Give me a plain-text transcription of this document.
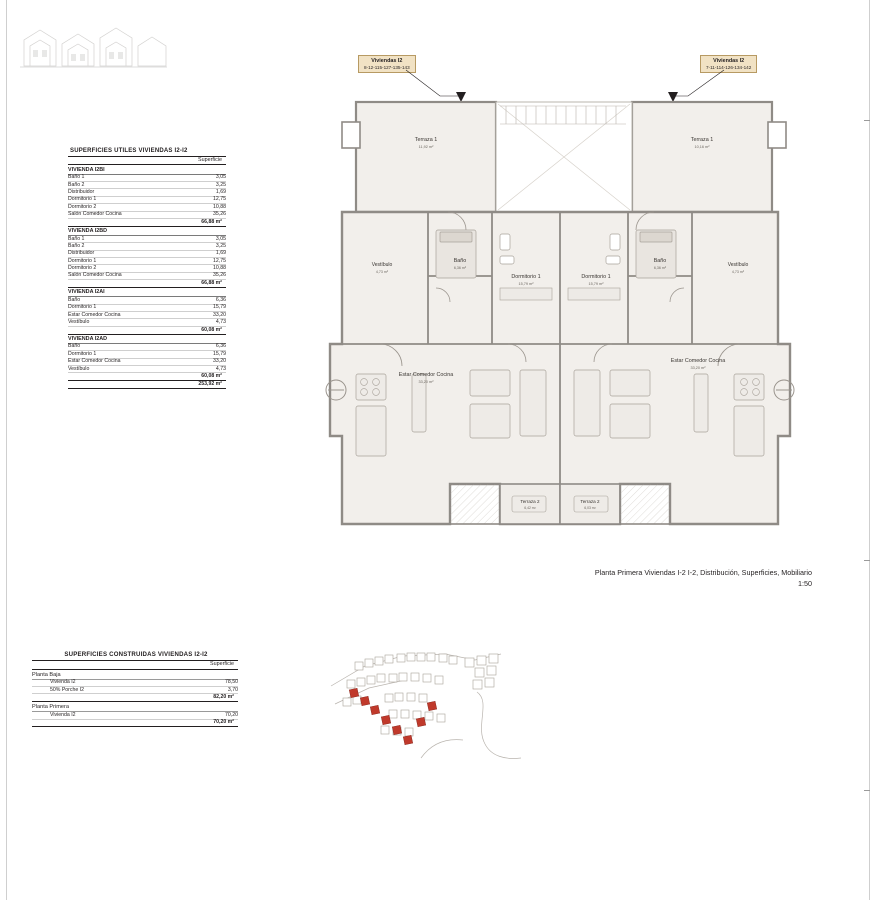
SUPERFICIES UTILES VIVIENDAS I2-I2
Superficie
VIVIENDA I2BI	
Baño 1	3,05
Baño 2	3,25
Distribuidor	1,69
Dormitorio 1	12,75
Dormitorio 2	10,88
Salón Comedor Cocina	35,26
66,88 m²	
VIVIENDA I2BD	
Baño 1	3,05
Baño 2	3,25
Distribuidor	1,69
Dormitorio 1	12,75
Dormitorio 2	10,88
Salón Comedor Cocina	35,26
66,88 m²	
VIVIENDA I2AI	
Baño	6,36
Dormitorio 1	15,79
Estar Comedor Cocina	33,20
Vestíbulo	4,73
60,08 m²	
VIVIENDA I2AD	
Baño	6,36
Dormitorio 1	15,79
Estar Comedor Cocina	33,20
Vestíbulo	4,73
60,08 m²	
253,92 m²	
SUPERFICIES CONSTRUIDAS VIVIENDAS I2-I2
Superficie
Planta Baja	
Vivienda I2	78,50
50% Porche I2	3,70
82,20 m²	
Planta Primera	
Vivienda I2	70,20
70,20 m²	
Viviendas I2
8-12-115-127-135-143
Viviendas I2
7-11-114-126-134-142
Terraza 1
11,92 m²
Vestíbulo
4,73 m²
Baño
6,36 m²
Dormitorio 1
15,79 m²
Estar Comedor Cocina
33,20 m²
Terraza 2
6,42 m²
Terraza 1
10,16 m²
Vestíbulo
4,73 m²
Baño
6,36 m²
Dormitorio 1
15,79 m²
Estar Comedor Cocina
33,20 m²
Terraza 2
6,03 m²
Planta Primera Viviendas I-2 I-2, Distribución, Superficies, Mobiliario
1:50
